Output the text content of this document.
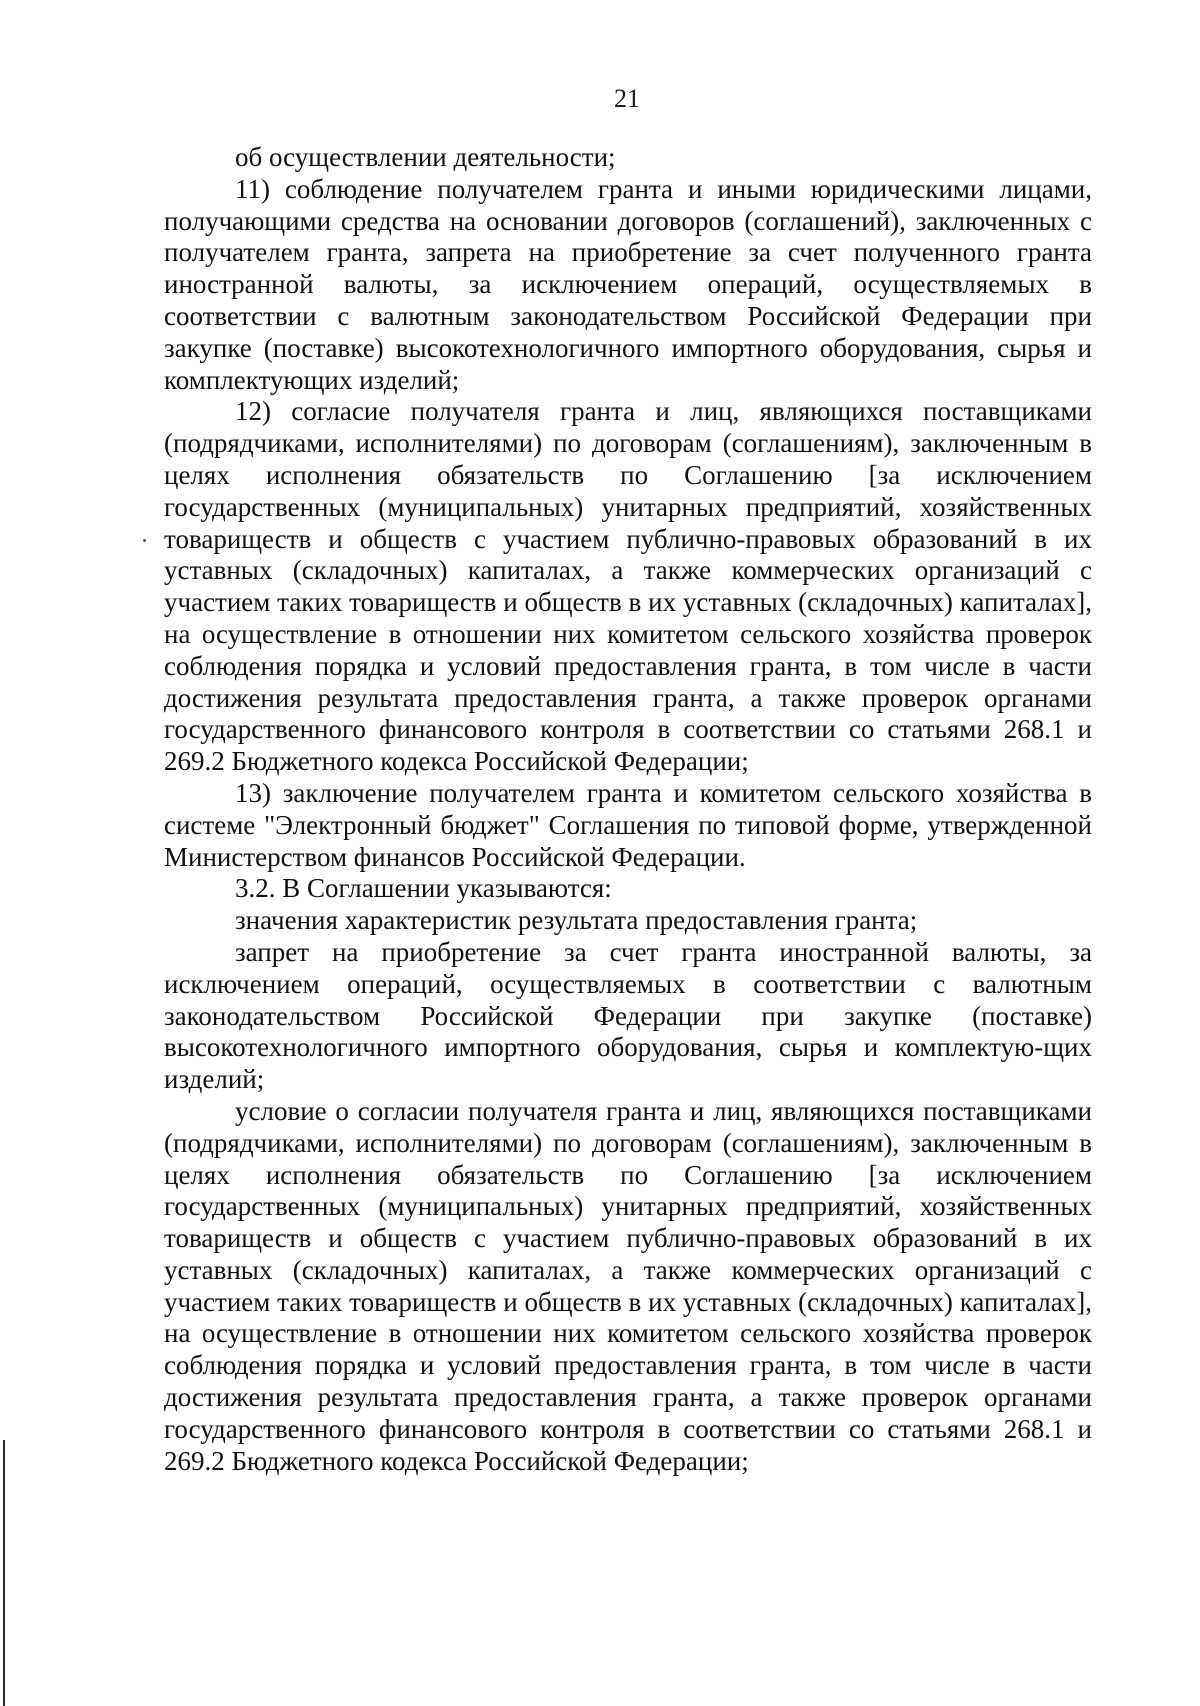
21

об осуществлении деятельности;

11) соблюдение получателем гранта и иными юридическими лицами, получающими средства на основании договоров (соглашений), заключенных с получателем гранта, запрета на приобретение за счет полученного гранта иностранной валюты, за исключением операций, осуществляемых в соответствии с валютным законодательством Российской Федерации при закупке (поставке) высокотехнологичного импортного оборудования, сырья и комплектующих изделий;

12) согласие получателя гранта и лиц, являющихся поставщиками (подрядчиками, исполнителями) по договорам (соглашениям), заключенным в целях исполнения обязательств по Соглашению [за исключением государственных (муниципальных) унитарных предприятий, хозяйственных товариществ и обществ с участием публично-правовых образований в их уставных (складочных) капиталах, а также коммерческих организаций с участием таких товариществ и обществ в их уставных (складочных) капиталах], на осуществление в отношении них комитетом сельского хозяйства проверок соблюдения порядка и условий предоставления гранта, в том числе в части достижения результата предоставления гранта, а также проверок органами государственного финансового контроля в соответствии со статьями 268.1 и 269.2 Бюджетного кодекса Российской Федерации;

13) заключение получателем гранта и комитетом сельского хозяйства в системе "Электронный бюджет" Соглашения по типовой форме, утвержденной Министерством финансов Российской Федерации.

3.2. В Соглашении указываются:

значения характеристик результата предоставления гранта;

запрет на приобретение за счет гранта иностранной валюты, за исключением операций, осуществляемых в соответствии с валютным законодательством Российской Федерации при закупке (поставке) высокотехнологичного импортного оборудования, сырья и комплектую-щих изделий;

условие о согласии получателя гранта и лиц, являющихся поставщиками (подрядчиками, исполнителями) по договорам (соглашениям), заключенным в целях исполнения обязательств по Соглашению [за исключением государственных (муниципальных) унитарных предприятий, хозяйственных товариществ и обществ с участием публично-правовых образований в их уставных (складочных) капиталах, а также коммерческих организаций с участием таких товариществ и обществ в их уставных (складочных) капиталах], на осуществление в отношении них комитетом сельского хозяйства проверок соблюдения порядка и условий предоставления гранта, в том числе в части достижения результата предоставления гранта, а также проверок органами государственного финансового контроля в соответствии со статьями 268.1 и 269.2 Бюджетного кодекса Российской Федерации;
